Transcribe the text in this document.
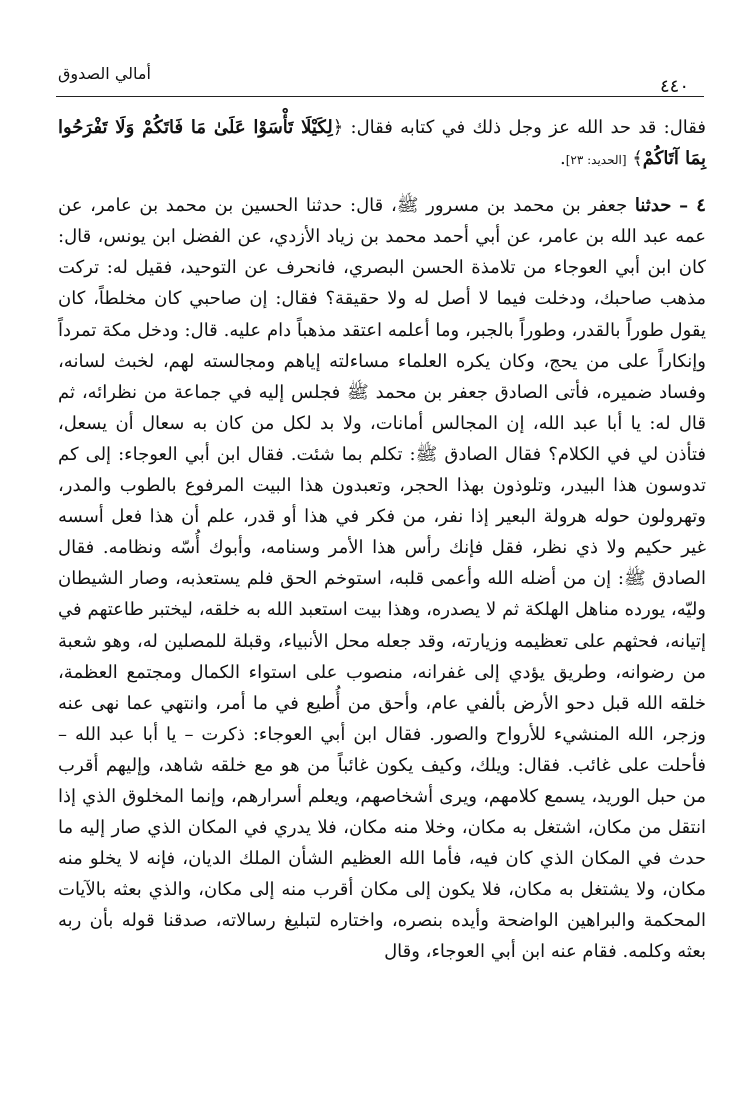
أمالي الصدوق
٤٤٠

فقال: قد حد الله عز وجل ذلك في كتابه فقال: ﴿لِكَيْلَا تَأْسَوْا عَلَىٰ مَا فَاتَكُمْ وَلَا تَفْرَحُوا بِمَا آتَاكُمْ﴾ [الحديد: ٢٣].

٤ – حدثنا جعفر بن محمد بن مسرور ﷺ، قال: حدثنا الحسين بن محمد بن عامر، عن عمه عبد الله بن عامر، عن أبي أحمد محمد بن زياد الأزدي، عن الفضل ابن يونس، قال: كان ابن أبي العوجاء من تلامذة الحسن البصري، فانحرف عن التوحيد، فقيل له: تركت مذهب صاحبك، ودخلت فيما لا أصل له ولا حقيقة؟ فقال: إن صاحبي كان مخلطاً، كان يقول طوراً بالقدر، وطوراً بالجبر، وما أعلمه اعتقد مذهباً دام عليه. قال: ودخل مكة تمرداً وإنكاراً على من يحج، وكان يكره العلماء مساءلته إياهم ومجالسته لهم، لخبث لسانه، وفساد ضميره، فأتى الصادق جعفر بن محمد ﷺ فجلس إليه في جماعة من نظرائه، ثم قال له: يا أبا عبد الله، إن المجالس أمانات، ولا بد لكل من كان به سعال أن يسعل، فتأذن لي في الكلام؟ فقال الصادق ﷺ: تكلم بما شئت. فقال ابن أبي العوجاء: إلى كم تدوسون هذا البيدر، وتلوذون بهذا الحجر، وتعبدون هذا البيت المرفوع بالطوب والمدر، وتهرولون حوله هرولة البعير إذا نفر، من فكر في هذا أو قدر، علم أن هذا فعل أسسه غير حكيم ولا ذي نظر، فقل فإنك رأس هذا الأمر وسنامه، وأبوك أُسّه ونظامه. فقال الصادق ﷺ: إن من أضله الله وأعمى قلبه، استوخم الحق فلم يستعذبه، وصار الشيطان وليّه، يورده مناهل الهلكة ثم لا يصدره، وهذا بيت استعبد الله به خلقه، ليختبر طاعتهم في إتيانه، فحثهم على تعظيمه وزيارته، وقد جعله محل الأنبياء، وقبلة للمصلين له، وهو شعبة من رضوانه، وطريق يؤدي إلى غفرانه، منصوب على استواء الكمال ومجتمع العظمة، خلقه الله قبل دحو الأرض بألفي عام، وأحق من أُطيع في ما أمر، وانتهي عما نهى عنه وزجر، الله المنشيء للأرواح والصور. فقال ابن أبي العوجاء: ذكرت – يا أبا عبد الله – فأحلت على غائب. فقال: ويلك، وكيف يكون غائباً من هو مع خلقه شاهد، وإليهم أقرب من حبل الوريد، يسمع كلامهم، ويرى أشخاصهم، ويعلم أسرارهم، وإنما المخلوق الذي إذا انتقل من مكان، اشتغل به مكان، وخلا منه مكان، فلا يدري في المكان الذي صار إليه ما حدث في المكان الذي كان فيه، فأما الله العظيم الشأن الملك الديان، فإنه لا يخلو منه مكان، ولا يشتغل به مكان، فلا يكون إلى مكان أقرب منه إلى مكان، والذي بعثه بالآيات المحكمة والبراهين الواضحة وأيده بنصره، واختاره لتبليغ رسالاته، صدقنا قوله بأن ربه بعثه وكلمه. فقام عنه ابن أبي العوجاء، وقال
